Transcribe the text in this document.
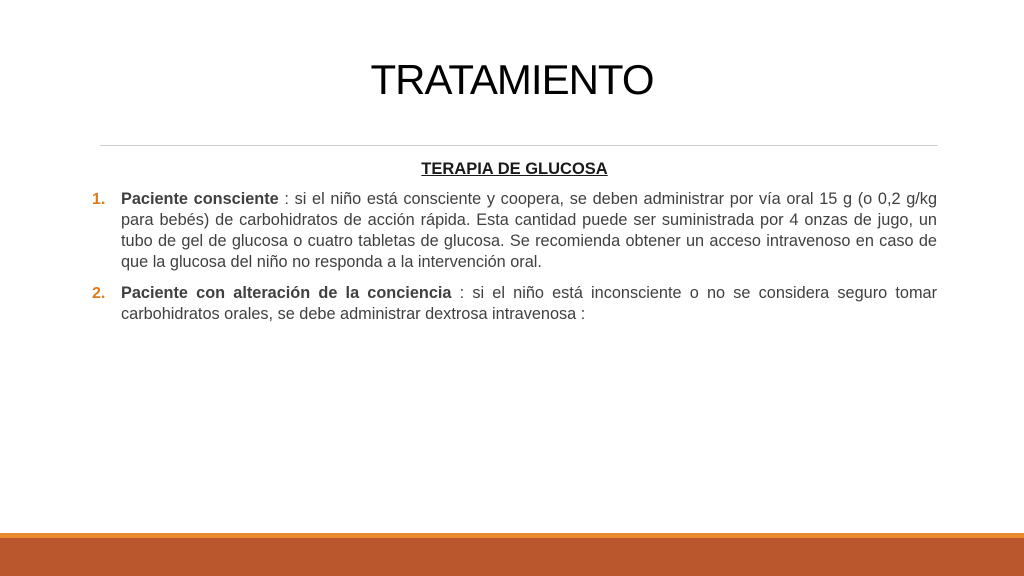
TRATAMIENTO
TERAPIA DE GLUCOSA
1. Paciente consciente : si el niño está consciente y coopera, se deben administrar por vía oral 15 g (o 0,2 g/kg para bebés) de carbohidratos de acción rápida. Esta cantidad puede ser suministrada por 4 onzas de jugo, un tubo de gel de glucosa o cuatro tabletas de glucosa. Se recomienda obtener un acceso intravenoso en caso de que la glucosa del niño no responda a la intervención oral.
2. Paciente con alteración de la conciencia : si el niño está inconsciente o no se considera seguro tomar carbohidratos orales, se debe administrar dextrosa intravenosa :
